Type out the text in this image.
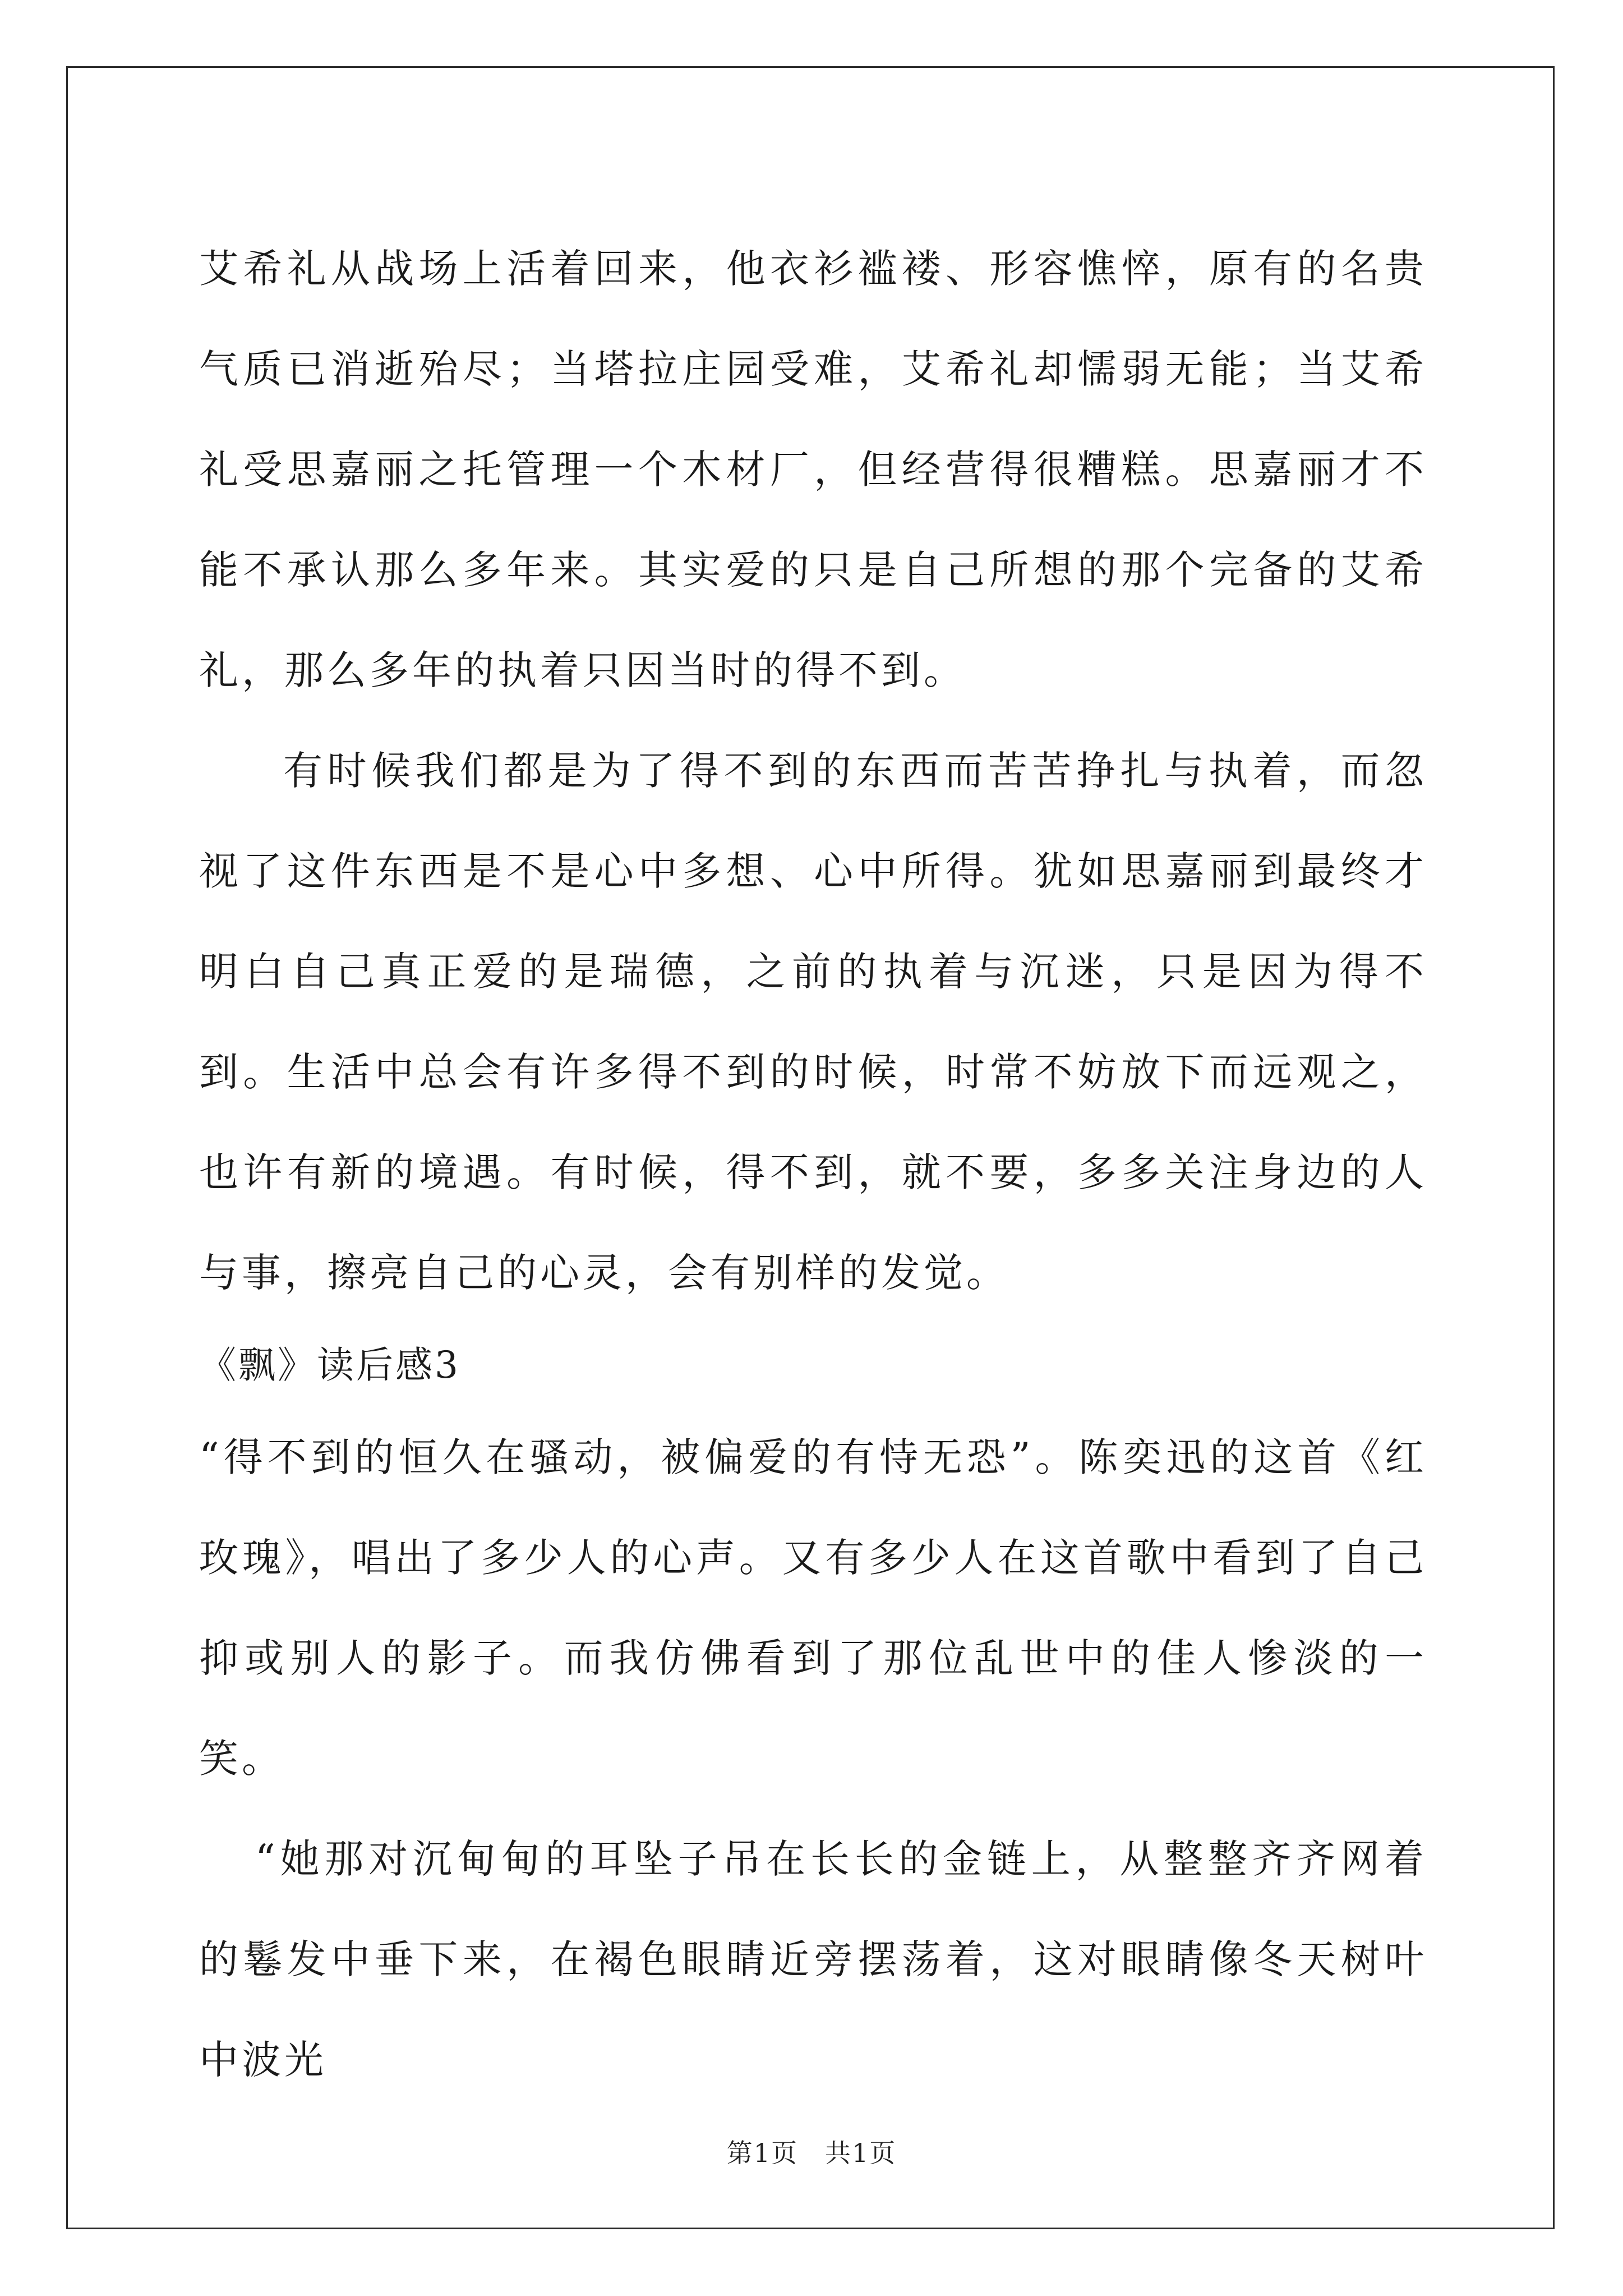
艾希礼从战场上活着回来，他衣衫褴褛、形容憔悴，原有的名贵气质已消逝殆尽；当塔拉庄园受难，艾希礼却懦弱无能；当艾希礼受思嘉丽之托管理一个木材厂，但经营得很糟糕。思嘉丽才不能不承认那么多年来。其实爱的只是自己所想的那个完备的艾希礼，那么多年的执着只因当时的得不到。

有时候我们都是为了得不到的东西而苦苦挣扎与执着，而忽视了这件东西是不是心中多想、心中所得。犹如思嘉丽到最终才明白自己真正爱的是瑞德，之前的执着与沉迷，只是因为得不到。生活中总会有许多得不到的时候，时常不妨放下而远观之，也许有新的境遇。有时候，得不到，就不要，多多关注身边的人与事，擦亮自己的心灵，会有别样的发觉。

《飘》读后感3

“得不到的恒久在骚动，被偏爱的有恃无恐”。陈奕迅的这首《红玫瑰》，唱出了多少人的心声。又有多少人在这首歌中看到了自己抑或别人的影子。而我仿佛看到了那位乱世中的佳人惨淡的一笑。

“她那对沉甸甸的耳坠子吊在长长的金链上，从整整齐齐网着的鬈发中垂下来，在褐色眼睛近旁摆荡着，这对眼睛像冬天树叶中波光

第1页　共1页
